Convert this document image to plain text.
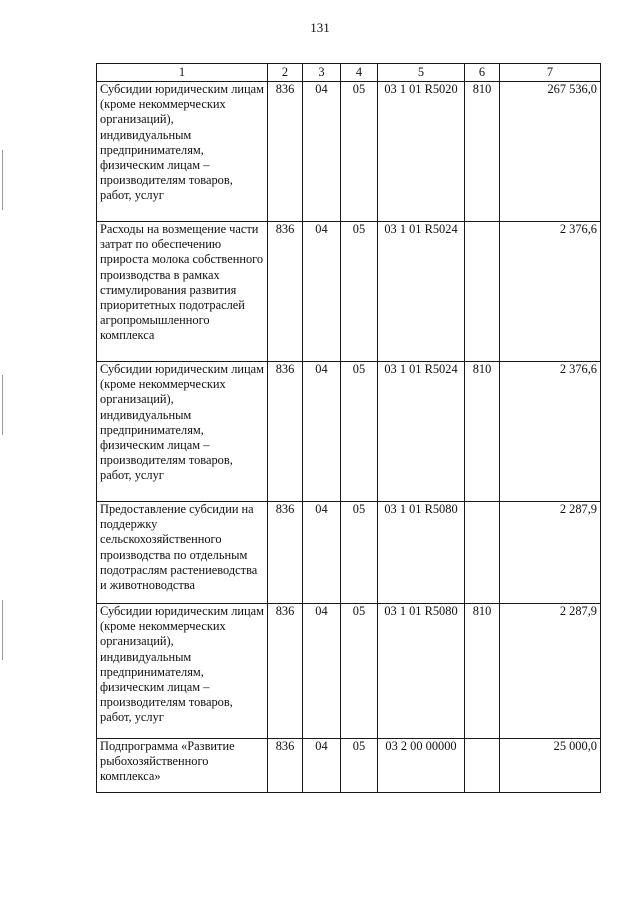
131
1	2	3	4	5	6	7
Субсидии юридическим лицам (кроме некоммерческих организаций), индивидуальным предпринимателям, физическим лицам – производителям товаров, работ, услуг	836	04	05	03 1 01 R5020	810	267 536,0
Расходы на возмещение части затрат по обеспечению прироста молока собственного производства в рамках стимулирования развития приоритетных подотраслей агропромышленного комплекса	836	04	05	03 1 01 R5024		2 376,6
Субсидии юридическим лицам (кроме некоммерческих организаций), индивидуальным предпринимателям, физическим лицам – производителям товаров, работ, услуг	836	04	05	03 1 01 R5024	810	2 376,6
Предоставление субсидии на поддержку сельскохозяйственного производства по отдельным подотраслям растениеводства и животноводства	836	04	05	03 1 01 R5080		2 287,9
Субсидии юридическим лицам (кроме некоммерческих организаций), индивидуальным предпринимателям, физическим лицам – производителям товаров, работ, услуг	836	04	05	03 1 01 R5080	810	2 287,9
Подпрограмма «Развитие рыбохозяйственного комплекса»	836	04	05	03 2 00 00000		25 000,0
